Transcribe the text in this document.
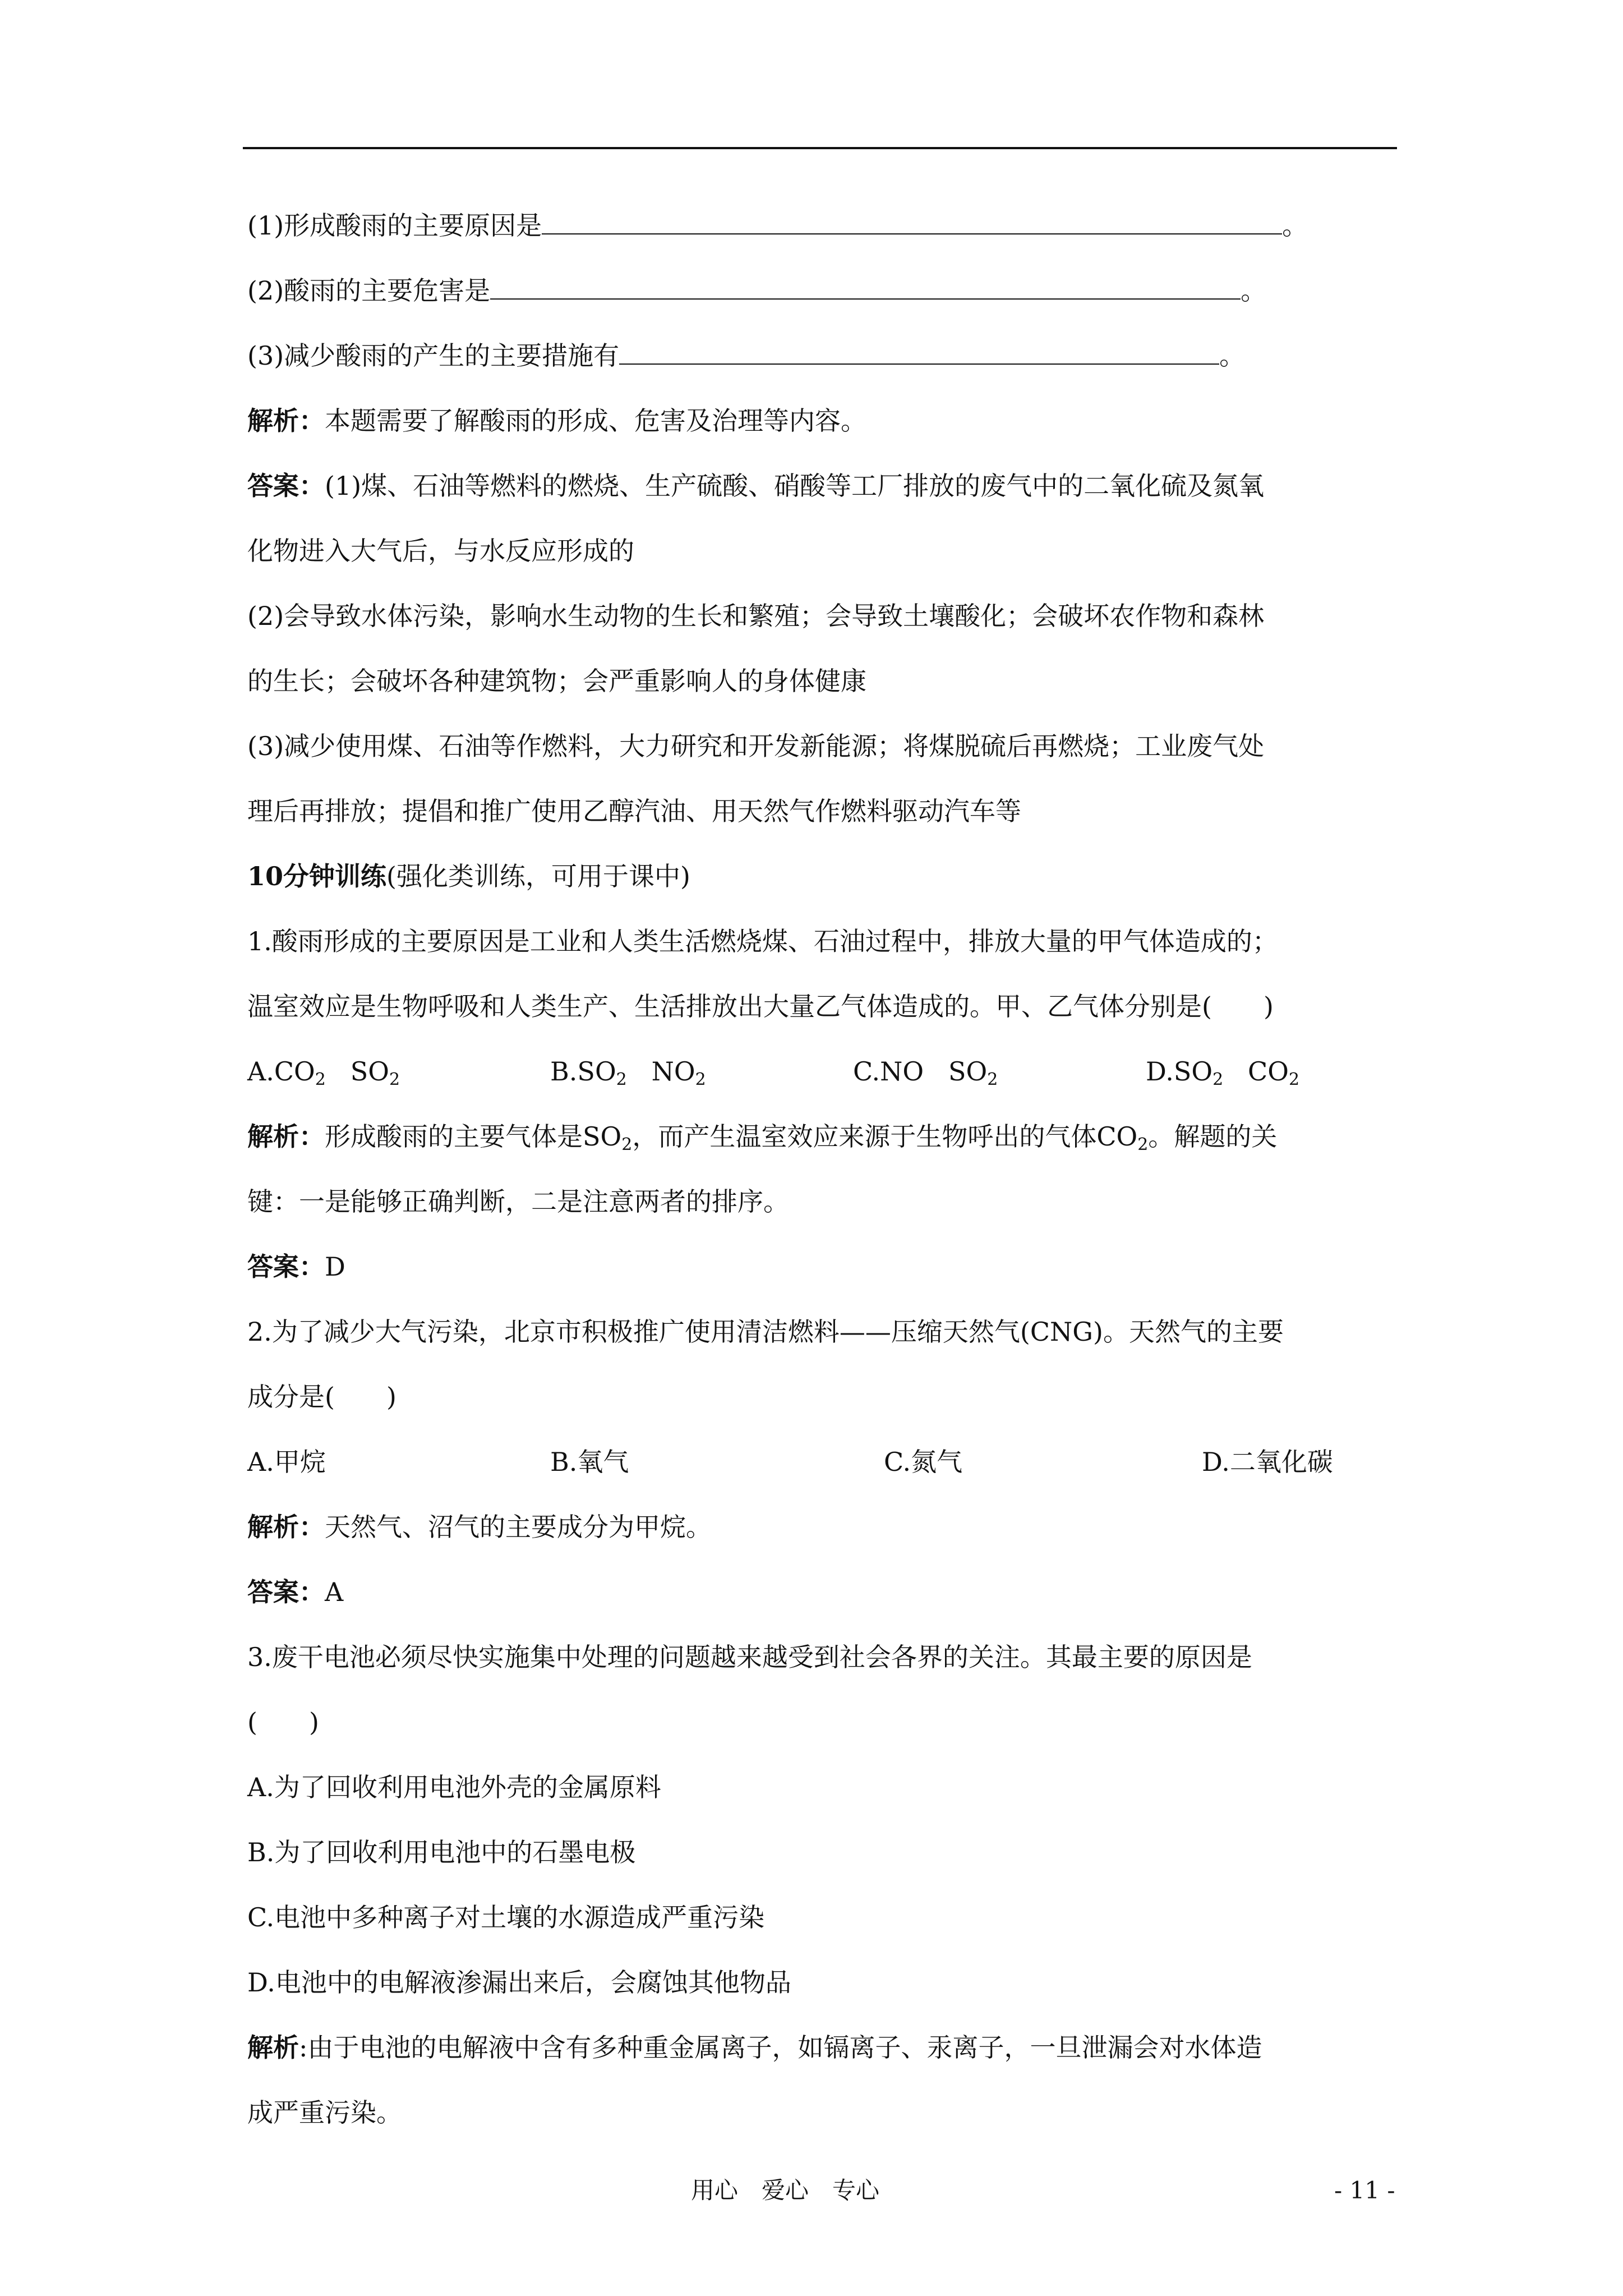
(1)形成酸雨的主要原因是	。
(2)酸雨的主要危害是	。
(3)减少酸雨的产生的主要措施有	。
解析：本题需要了解酸雨的形成、危害及治理等内容。
答案：(1)煤、石油等燃料的燃烧、生产硫酸、硝酸等工厂排放的废气中的二氧化硫及氮氧
化物进入大气后，与水反应形成的
(2)会导致水体污染，影响水生动物的生长和繁殖；会导致土壤酸化；会破坏农作物和森林
的生长；会破坏各种建筑物；会严重影响人的身体健康
(3)减少使用煤、石油等作燃料，大力研究和开发新能源；将煤脱硫后再燃烧；工业废气处
理后再排放；提倡和推广使用乙醇汽油、用天然气作燃料驱动汽车等
10分钟训练(强化类训练，可用于课中)
1.酸雨形成的主要原因是工业和人类生活燃烧煤、石油过程中，排放大量的甲气体造成的；
温室效应是生物呼吸和人类生产、生活排放出大量乙气体造成的。甲、乙气体分别是(　　)
$A.CO_2$   $SO_2$	$B.SO_2$   $NO_2$	C.NO   $SO_2$	$D.SO_2$   $CO_2$
解析：形成酸雨的主要气体是$SO_2$，而产生温室效应来源于生物呼出的气体$CO_2$。解题的关
键：一是能够正确判断，二是注意两者的排序。
答案：D
2.为了减少大气污染，北京市积极推广使用清洁燃料——压缩天然气(CNG)。天然气的主要
成分是(　　)
A.甲烷	B.氧气	C.氮气	D.二氧化碳
解析：天然气、沼气的主要成分为甲烷。
答案：A
3.废干电池必须尽快实施集中处理的问题越来越受到社会各界的关注。其最主要的原因是
(　　)
A.为了回收利用电池外壳的金属原料
B.为了回收利用电池中的石墨电极
C.电池中多种离子对土壤的水源造成严重污染
D.电池中的电解液渗漏出来后，会腐蚀其他物品
解析:由于电池的电解液中含有多种重金属离子，如镉离子、汞离子，一旦泄漏会对水体造
成严重污染。
用心　爱心　专心	- 11 -
